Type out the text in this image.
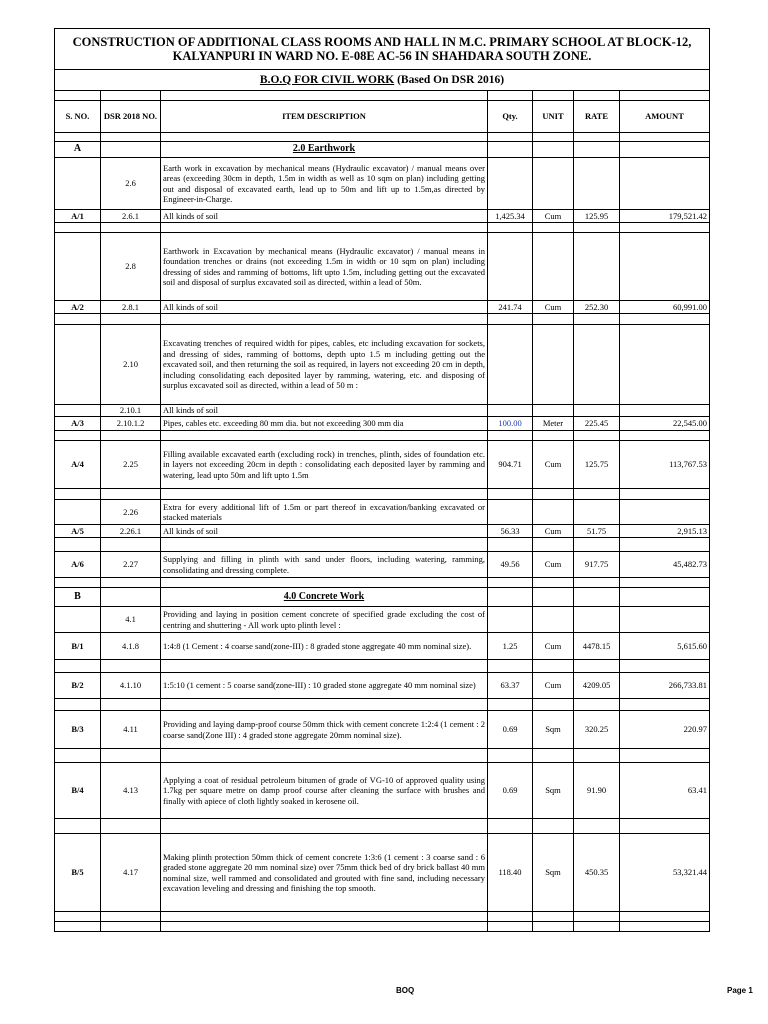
CONSTRUCTION OF ADDITIONAL CLASS ROOMS AND HALL IN M.C. PRIMARY SCHOOL AT BLOCK-12, KALYANPURI IN WARD NO. E-08E AC-56 IN SHAHDARA SOUTH ZONE.						
B.O.Q FOR CIVIL WORK (Based On DSR 2016)						

S. NO.	DSR 2018 NO.	ITEM DESCRIPTION	Qty.	UNIT	RATE	AMOUNT

A		2.0 Earthwork				
	2.6	Earth work in excavation by mechanical means (Hydraulic excavator) / manual means over areas (exceeding 30cm in depth, 1.5m in width as well as 10 sqm on plan) including getting out and disposal of excavated earth, lead up to 50m and lift up to 1.5m,as directed by Engineer-in-Charge.				
A/1	2.6.1	All kinds of soil	1,425.34	Cum	125.95	179,521.42

	2.8	Earthwork in Excavation by mechanical means (Hydraulic excavator) / manual means in foundation trenches or drains (not exceeding 1.5m in width or 10 sqm on plan) including dressing of sides and ramming of bottoms, lift upto 1.5m, including getting out the excavated soil and disposal of surplus excavated soil as directed, within a lead of 50m.				
A/2	2.8.1	All kinds of soil	241.74	Cum	252.30	60,991.00

	2.10	Excavating trenches of required width for pipes, cables, etc including excavation for sockets, and dressing of sides, ramming of bottoms, depth upto 1.5 m including getting out the excavated soil, and then returning the soil as required, in layers not exceeding 20 cm in depth, including consolidating each deposited layer by ramming, watering, etc. and disposing of surplus excavated soil as directed, within a lead of 50 m :				
	2.10.1	All kinds of soil				
A/3	2.10.1.2	Pipes, cables etc. exceeding 80 mm dia. but not exceeding 300 mm dia	100.00	Meter	225.45	22,545.00

A/4	2.25	Filling available excavated earth (excluding rock) in trenches, plinth, sides of foundation etc. in layers not exceeding 20cm in depth : consolidating each deposited layer by ramming and watering, lead upto 50m and lift upto 1.5m	904.71	Cum	125.75	113,767.53

	2.26	Extra for every additional lift of 1.5m or part thereof in excavation/banking excavated or stacked materials				
A/5	2.26.1	All kinds of soil	56.33	Cum	51.75	2,915.13

A/6	2.27	Supplying and filling in plinth with sand under floors, including watering, ramming, consolidating and dressing complete.	49.56	Cum	917.75	45,482.73

B		4.0 Concrete Work				
	4.1	Providing and laying in position cement concrete of specified grade excluding the cost of centring and shuttering - All work upto plinth level :				
B/1	4.1.8	1:4:8 (1 Cement : 4 coarse sand(zone-III) : 8 graded stone aggregate 40 mm nominal size).	1.25	Cum	4478.15	5,615.60

B/2	4.1.10	1:5:10 (1 cement : 5 coarse sand(zone-III) : 10 graded stone aggregate 40 mm nominal size)	63.37	Cum	4209.05	266,733.81

B/3	4.11	Providing and laying damp-proof course 50mm thick with cement concrete 1:2:4 (1 cement : 2 coarse sand(Zone III) : 4 graded stone aggregate 20mm nominal size).	0.69	Sqm	320.25	220.97

B/4	4.13	Applying a coat of residual petroleum bitumen of grade of VG-10 of approved quality using 1.7kg per square metre on damp proof course after cleaning the surface with brushes and finally with apiece of cloth lightly soaked in kerosene oil.	0.69	Sqm	91.90	63.41

B/5	4.17	Making plinth protection 50mm thick of cement concrete 1:3:6 (1 cement : 3 coarse sand : 6 graded stone aggregate 20 mm nominal size) over 75mm thick bed of dry brick ballast 40 mm nominal size, well rammed and consolidated and grouted with fine sand, including necessary excavation leveling and dressing and finishing the top smooth.	118.40	Sqm	450.35	53,321.44

BOQ	Page 1
